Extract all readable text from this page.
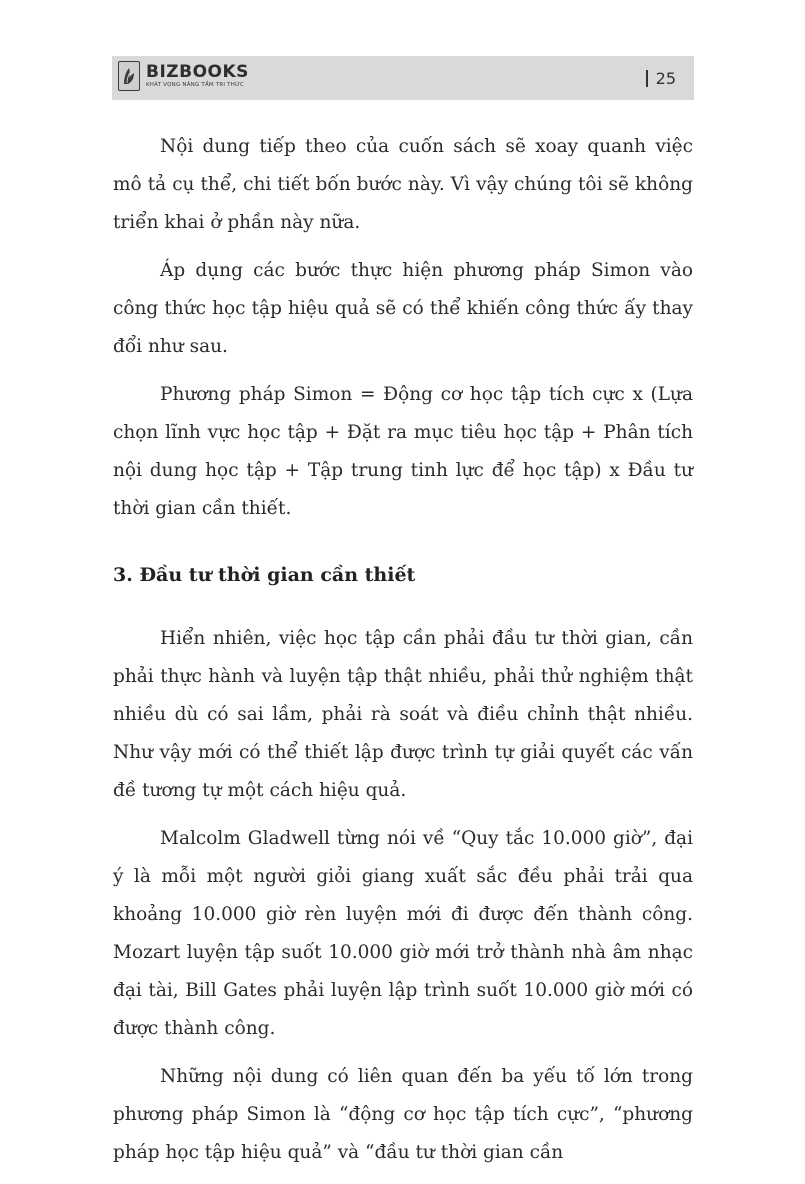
BIZBOOKS
KHÁT VỌNG NÂNG TẦM TRI THỨC	25

Nội dung tiếp theo của cuốn sách sẽ xoay quanh việc mô tả cụ thể, chi tiết bốn bước này. Vì vậy chúng tôi sẽ không triển khai ở phần này nữa.

Áp dụng các bước thực hiện phương pháp Simon vào công thức học tập hiệu quả sẽ có thể khiến công thức ấy thay đổi như sau.

Phương pháp Simon = Động cơ học tập tích cực x (Lựa chọn lĩnh vực học tập + Đặt ra mục tiêu học tập + Phân tích nội dung học tập + Tập trung tinh lực để học tập) x Đầu tư thời gian cần thiết.

3. Đầu tư thời gian cần thiết

Hiển nhiên, việc học tập cần phải đầu tư thời gian, cần phải thực hành và luyện tập thật nhiều, phải thử nghiệm thật nhiều dù có sai lầm, phải rà soát và điều chỉnh thật nhiều. Như vậy mới có thể thiết lập được trình tự giải quyết các vấn đề tương tự một cách hiệu quả.

Malcolm Gladwell từng nói về “Quy tắc 10.000 giờ”, đại ý là mỗi một người giỏi giang xuất sắc đều phải trải qua khoảng 10.000 giờ rèn luyện mới đi được đến thành công. Mozart luyện tập suốt 10.000 giờ mới trở thành nhà âm nhạc đại tài, Bill Gates phải luyện lập trình suốt 10.000 giờ mới có được thành công.

Những nội dung có liên quan đến ba yếu tố lớn trong phương pháp Simon là “động cơ học tập tích cực”, “phương pháp học tập hiệu quả” và “đầu tư thời gian cần
